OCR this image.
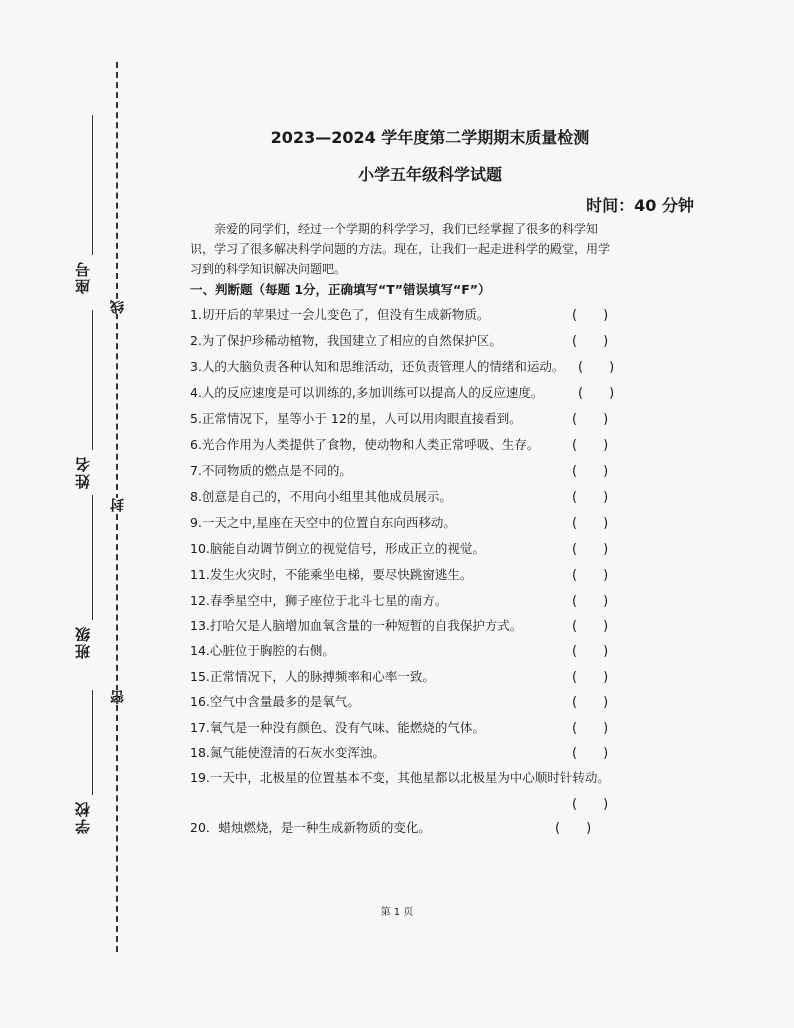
学校
班级
姓名
座号
密
封
线
2023—2024 学年度第二学期期末质量检测
小学五年级科学试题
时间：40 分钟
亲爱的同学们，经过一个学期的科学学习，我们已经掌握了很多的科学知识，学习了很多解决科学问题的方法。现在，让我们一起走进科学的殿堂，用学习到的科学知识解决问题吧。
一、判断题（每题 1分，正确填写“T”错误填写“F”）
1.切开后的苹果过一会儿变色了，但没有生成新物质。
2.为了保护珍稀动植物，我国建立了相应的自然保护区。
3.人的大脑负责各种认知和思维活动，还负责管理人的情绪和运动。
4.人的反应速度是可以训练的,多加训练可以提高人的反应速度。
5.正常情况下，星等小于 12的星，人可以用肉眼直接看到。
6.光合作用为人类提供了食物，使动物和人类正常呼吸、生存。
7.不同物质的燃点是不同的。
8.创意是自己的，不用向小组里其他成员展示。
9.一天之中,星座在天空中的位置自东向西移动。
10.脑能自动调节倒立的视觉信号，形成正立的视觉。
11.发生火灾时，不能乘坐电梯，要尽快跳窗逃生。
12.春季星空中，狮子座位于北斗七星的南方。
13.打哈欠是人脑增加血氧含量的一种短暂的自我保护方式。
14.心脏位于胸腔的右侧。
15.正常情况下，人的脉搏频率和心率一致。
16.空气中含量最多的是氧气。
17.氧气是一种没有颜色、没有气味、能燃烧的气体。
18.氮气能使澄清的石灰水变浑浊。
19.一天中，北极星的位置基本不变，其他星都以北极星为中心顺时针转动。
20．蜡烛燃烧，是一种生成新物质的变化。
(　　)
(　　)
(　　)
(　　)
(　　)
(　　)
(　　)
(　　)
(　　)
(　　)
(　　)
(　　)
(　　)
(　　)
(　　)
(　　)
(　　)
(　　)
(　　)
(　　)
第 1 页
